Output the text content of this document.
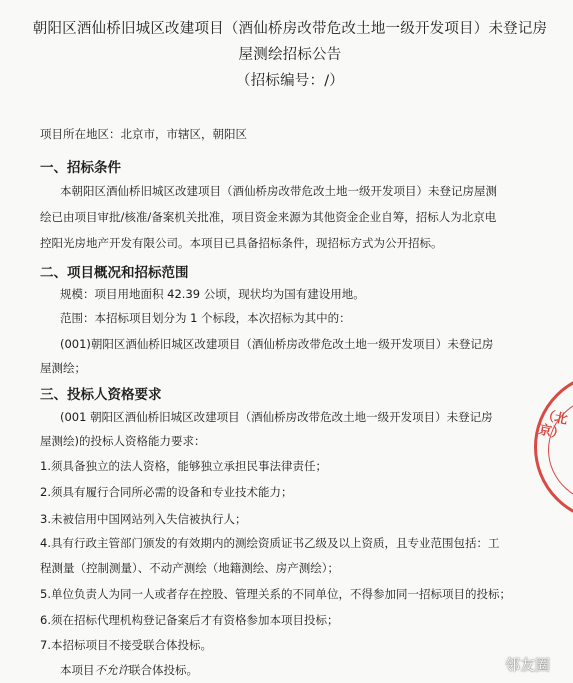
朝阳区酒仙桥旧城区改建项目（酒仙桥房改带危改土地一级开发项目）未登记房
屋测绘招标公告
（招标编号：/）
项目所在地区：北京市，市辖区，朝阳区
一、招标条件
本朝阳区酒仙桥旧城区改建项目（酒仙桥房改带危改土地一级开发项目）未登记房屋测
绘已由项目审批/核准/备案机关批准，项目资金来源为其他资金企业自筹，招标人为北京电
控阳光房地产开发有限公司。本项目已具备招标条件，现招标方式为公开招标。
二、项目概况和招标范围
规模：项目用地面积 42.39 公顷，现状均为国有建设用地。
范围：本招标项目划分为 1 个标段，本次招标为其中的：
(001)朝阳区酒仙桥旧城区改建项目（酒仙桥房改带危改土地一级开发项目）未登记房
屋测绘；
三、投标人资格要求
(001 朝阳区酒仙桥旧城区改建项目（酒仙桥房改带危改土地一级开发项目）未登记房
屋测绘)的投标人资格能力要求：
1.须具备独立的法人资格，能够独立承担民事法律责任；
2.须具有履行合同所必需的设备和专业技术能力；
3.未被信用中国网站列入失信被执行人；
4.具有行政主管部门颁发的有效期内的测绘资质证书乙级及以上资质，且专业范围包括：工
程测量（控制测量）、不动产测绘（地籍测绘、房产测绘）；
5.单位负责人为同一人或者存在控股、管理关系的不同单位，不得参加同一招标项目的投标；
6.须在招标代理机构登记备案后才有资格参加本项目投标；
7.本招标项目不接受联合体投标。
本项目不允许联合体投标。
（北京）
邻友圈
